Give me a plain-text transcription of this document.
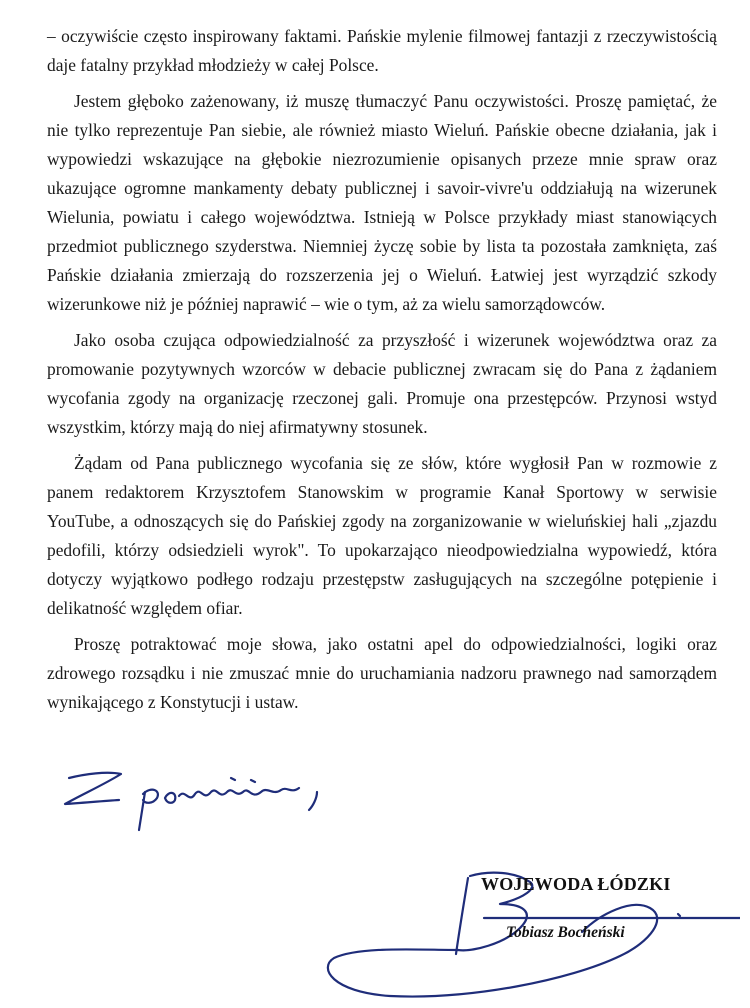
– oczywiście często inspirowany faktami. Pańskie mylenie filmowej fantazji z rzeczywistością daje fatalny przykład młodzieży w całej Polsce.

Jestem głęboko zażenowany, iż muszę tłumaczyć Panu oczywistości. Proszę pamiętać, że nie tylko reprezentuje Pan siebie, ale również miasto Wieluń. Pańskie obecne działania, jak i wypowiedzi wskazujące na głębokie niezrozumienie opisanych przeze mnie spraw oraz ukazujące ogromne mankamenty debaty publicznej i savoir-vivre'u oddziałują na wizerunek Wielunia, powiatu i całego województwa. Istnieją w Polsce przykłady miast stanowiących przedmiot publicznego szyderstwa. Niemniej życzę sobie by lista ta pozostała zamknięta, zaś Pańskie działania zmierzają do rozszerzenia jej o Wieluń. Łatwiej jest wyrządzić szkody wizerunkowe niż je później naprawić – wie o tym, aż za wielu samorządowców.

Jako osoba czująca odpowiedzialność za przyszłość i wizerunek województwa oraz za promowanie pozytywnych wzorców w debacie publicznej zwracam się do Pana z żądaniem wycofania zgody na organizację rzeczonej gali. Promuje ona przestępców. Przynosi wstyd wszystkim, którzy mają do niej afirmatywny stosunek.

Żądam od Pana publicznego wycofania się ze słów, które wygłosił Pan w rozmowie z panem redaktorem Krzysztofem Stanowskim w programie Kanał Sportowy w serwisie YouTube, a odnoszących się do Pańskiej zgody na zorganizowanie w wieluńskiej hali „zjazdu pedofili, którzy odsiedzieli wyrok". To upokarzająco nieodpowiedzialna wypowiedź, która dotyczy wyjątkowo podłego rodzaju przestępstw zasługujących na szczególne potępienie i delikatność względem ofiar.

Proszę potraktować moje słowa, jako ostatni apel do odpowiedzialności, logiki oraz zdrowego rozsądku i nie zmuszać mnie do uruchamiania nadzoru prawnego nad samorządem wynikającego z Konstytucji i ustaw.

WOJEWODA ŁÓDZKI
Tobiasz Bocheński
